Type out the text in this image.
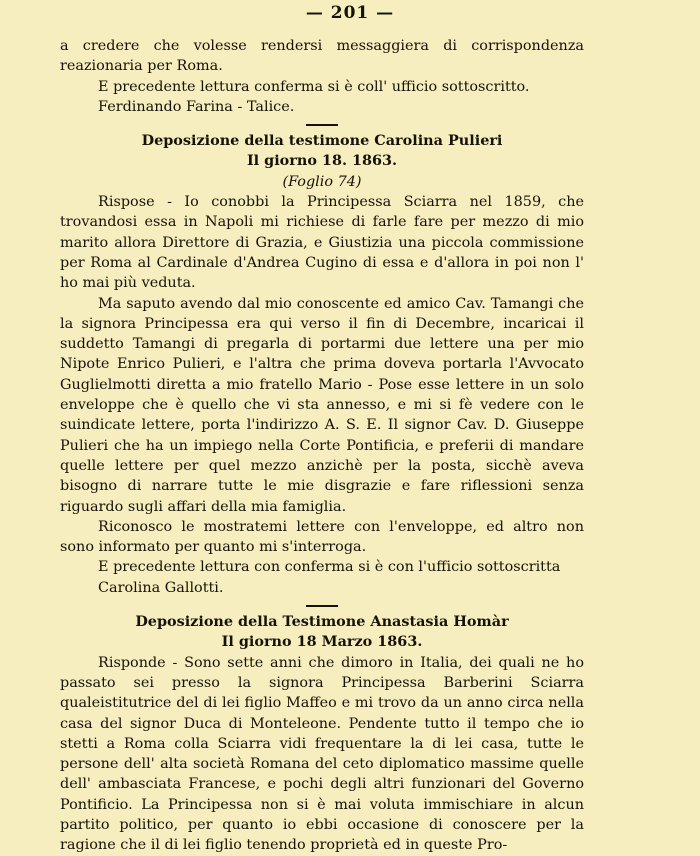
— 201 —

a credere che volesse rendersi messaggiera di corrispondenza reazionaria per Roma.

E precedente lettura conferma si è coll' ufficio sottoscritto.

Ferdinando Farina - Talice.

Deposizione della testimone Carolina Pulieri

Il giorno 18. 1863.

(Foglio 74)

Rispose - Io conobbi la Principessa Sciarra nel 1859, che trovandosi essa in Napoli mi richiese di farle fare per mezzo di mio marito allora Direttore di Grazia, e Giustizia una piccola commissione per Roma al Cardinale d'Andrea Cugino di essa e d'allora in poi non l' ho mai più veduta.

Ma saputo avendo dal mio conoscente ed amico Cav. Tamangi che la signora Principessa era qui verso il fin di Decembre, incaricai il suddetto Tamangi di pregarla di portarmi due lettere una per mio Nipote Enrico Pulieri, e l'altra che prima doveva portarla l'Avvocato Guglielmotti diretta a mio fratello Mario - Pose esse lettere in un solo enveloppe che è quello che vi sta annesso, e mi si fè vedere con le suindicate lettere, porta l'indirizzo A. S. E. Il signor Cav. D. Giuseppe Pulieri che ha un impiego nella Corte Pontificia, e preferii di mandare quelle lettere per quel mezzo anzichè per la posta, sicchè aveva bisogno di narrare tutte le mie disgrazie e fare riflessioni senza riguardo sugli affari della mia famiglia.

Riconosco le mostratemi lettere con l'enveloppe, ed altro non sono informato per quanto mi s'interroga.

E precedente lettura con conferma si è con l'ufficio sottoscritta

Carolina Gallotti.

Deposizione della Testimone Anastasia Homàr

Il giorno 18 Marzo 1863.

Risponde - Sono sette anni che dimoro in Italia, dei quali ne ho passato sei presso la signora Principessa Barberini Sciarra qualeistitutrice del di lei figlio Maffeo e mi trovo da un anno circa nella casa del signor Duca di Monteleone. Pendente tutto il tempo che io stetti a Roma colla Sciarra vidi frequentare la di lei casa, tutte le persone dell' alta società Romana del ceto diplomatico massime quelle dell' ambasciata Francese, e pochi degli altri funzionari del Governo Pontificio. La Principessa non si è mai voluta immischiare in alcun partito politico, per quanto io ebbi occasione di conoscere per la ragione che il di lei figlio tenendo proprietà ed in queste Pro-
